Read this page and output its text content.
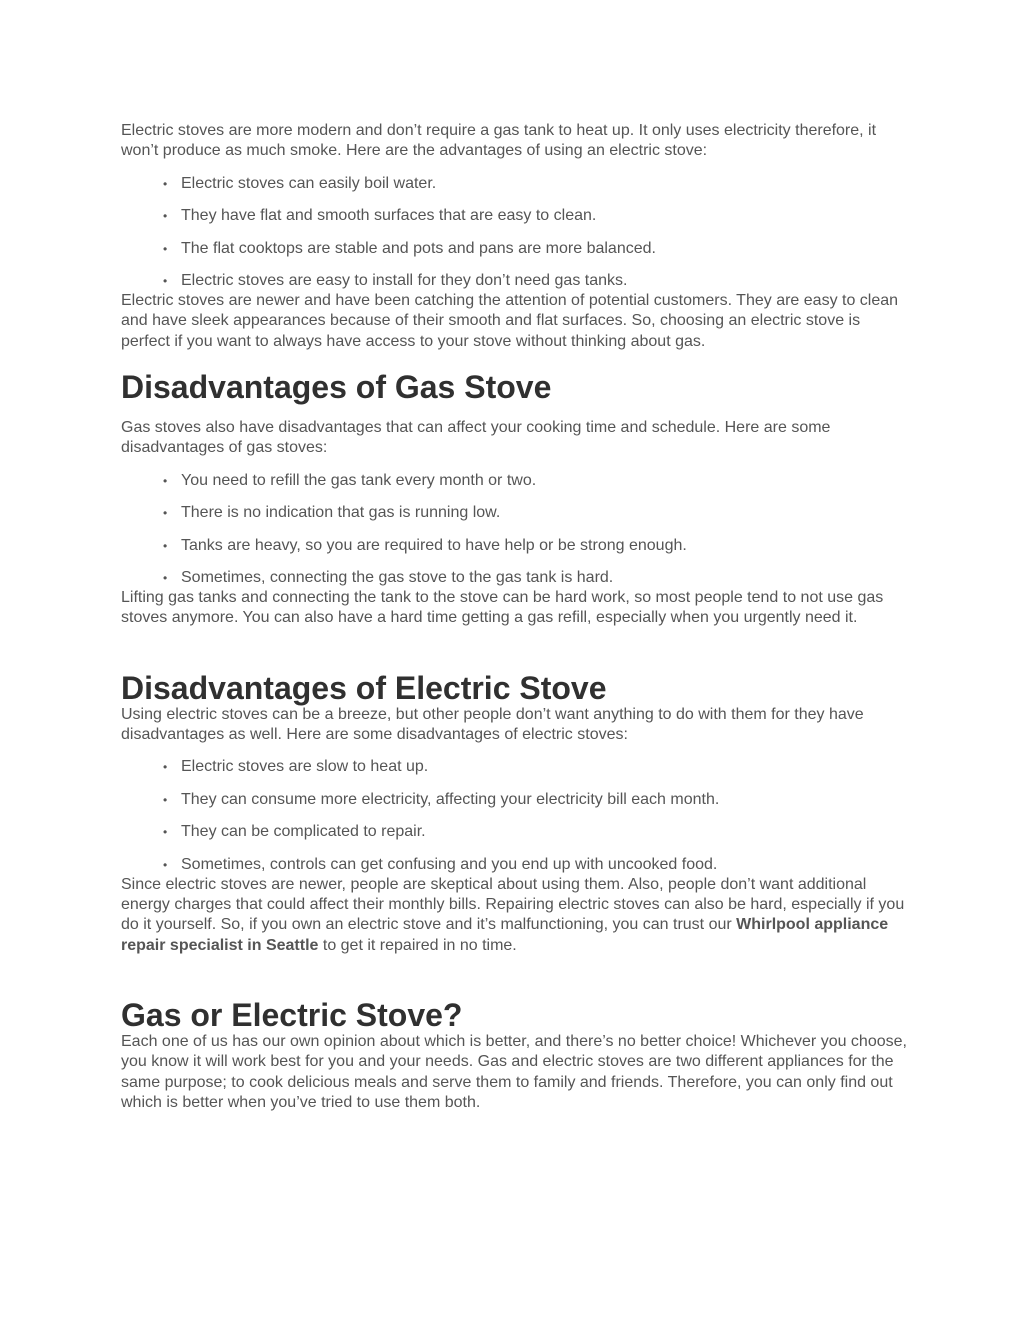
Electric stoves are more modern and don’t require a gas tank to heat up. It only uses electricity therefore, it won’t produce as much smoke. Here are the advantages of using an electric stove:

• Electric stoves can easily boil water.
• They have flat and smooth surfaces that are easy to clean.
• The flat cooktops are stable and pots and pans are more balanced.
• Electric stoves are easy to install for they don’t need gas tanks.

Electric stoves are newer and have been catching the attention of potential customers. They are easy to clean and have sleek appearances because of their smooth and flat surfaces. So, choosing an electric stove is perfect if you want to always have access to your stove without thinking about gas.

Disadvantages of Gas Stove

Gas stoves also have disadvantages that can affect your cooking time and schedule. Here are some disadvantages of gas stoves:

• You need to refill the gas tank every month or two.
• There is no indication that gas is running low.
• Tanks are heavy, so you are required to have help or be strong enough.
• Sometimes, connecting the gas stove to the gas tank is hard.

Lifting gas tanks and connecting the tank to the stove can be hard work, so most people tend to not use gas stoves anymore. You can also have a hard time getting a gas refill, especially when you urgently need it.

Disadvantages of Electric Stove

Using electric stoves can be a breeze, but other people don’t want anything to do with them for they have disadvantages as well. Here are some disadvantages of electric stoves:

• Electric stoves are slow to heat up.
• They can consume more electricity, affecting your electricity bill each month.
• They can be complicated to repair.
• Sometimes, controls can get confusing and you end up with uncooked food.

Since electric stoves are newer, people are skeptical about using them. Also, people don’t want additional energy charges that could affect their monthly bills. Repairing electric stoves can also be hard, especially if you do it yourself. So, if you own an electric stove and it’s malfunctioning, you can trust our Whirlpool appliance repair specialist in Seattle to get it repaired in no time.

Gas or Electric Stove?

Each one of us has our own opinion about which is better, and there’s no better choice! Whichever you choose, you know it will work best for you and your needs. Gas and electric stoves are two different appliances for the same purpose; to cook delicious meals and serve them to family and friends. Therefore, you can only find out which is better when you’ve tried to use them both.
